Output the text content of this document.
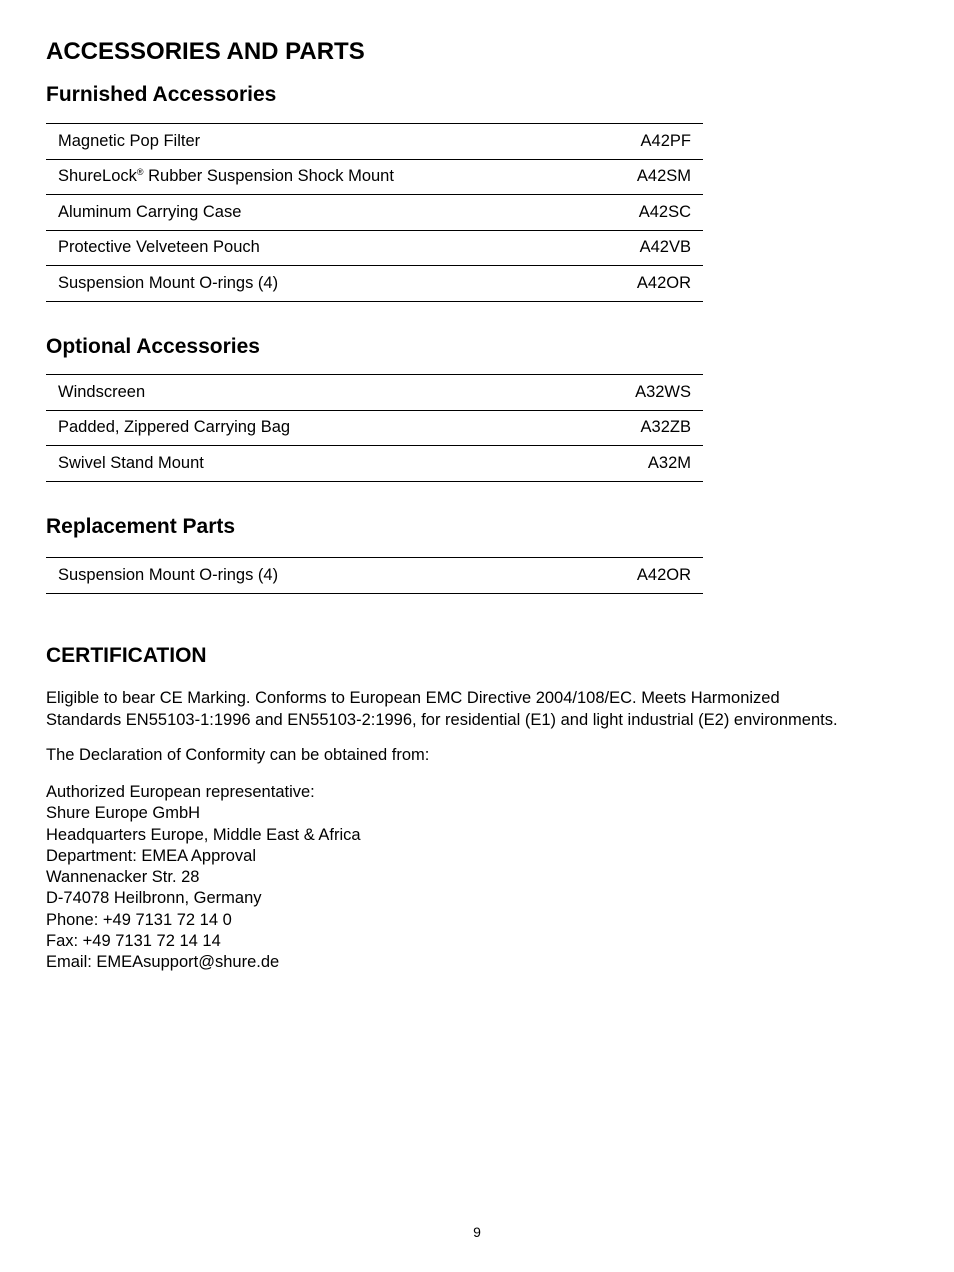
ACCESSORIES AND PARTS
Furnished Accessories
Magnetic Pop Filter	A42PF
ShureLock® Rubber Suspension Shock Mount	A42SM
Aluminum Carrying Case	A42SC
Protective Velveteen Pouch	A42VB
Suspension Mount O-rings (4)	A42OR
Optional Accessories
Windscreen	A32WS
Padded, Zippered Carrying Bag	A32ZB
Swivel Stand Mount	A32M
Replacement Parts
Suspension Mount O-rings (4)	A42OR
CERTIFICATION

Eligible to bear CE Marking. Conforms to European EMC Directive 2004/108/EC. Meets Harmonized
Standards EN55103-1:1996 and EN55103-2:1996, for residential (E1) and light industrial (E2) environments.

The Declaration of Conformity can be obtained from:

Authorized European representative:
Shure Europe GmbH
Headquarters Europe, Middle East & Africa
Department: EMEA Approval
Wannenacker Str. 28
D-74078 Heilbronn, Germany
Phone: +49 7131 72 14 0
Fax: +49 7131 72 14 14
Email: EMEAsupport@shure.de
9
